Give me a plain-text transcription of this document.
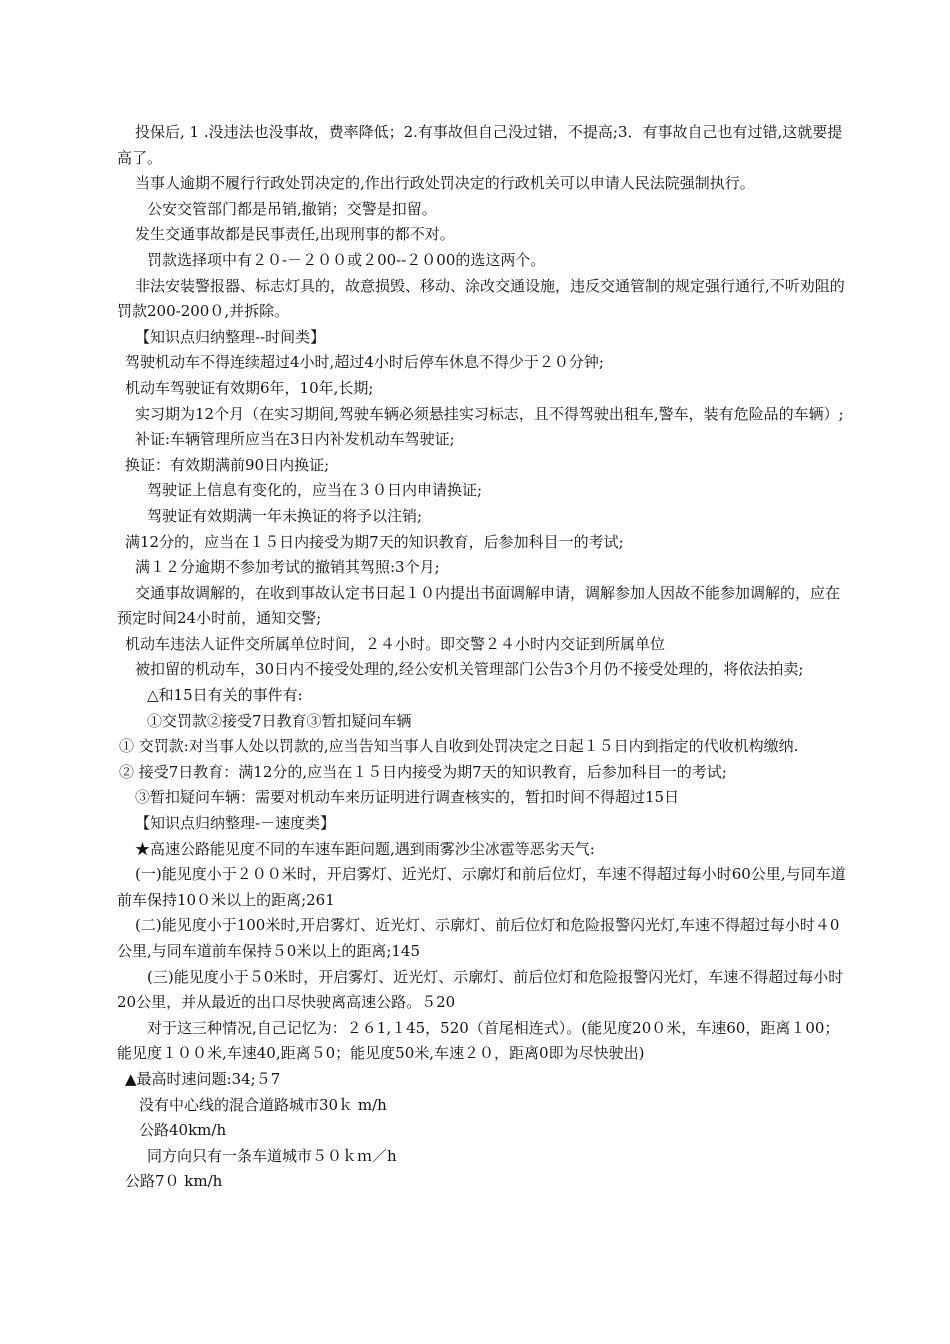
投保后, 1 .没违法也没事故，费率降低；2.有事故但自己没过错，不提高;3．有事故自己也有过错,这就要提高了。

当事人逾期不履行行政处罚决定的,作出行政处罚决定的行政机关可以申请人民法院强制执行。

公安交管部门都是吊销,撤销；交警是扣留。

发生交通事故都是民事责任,出现刑事的都不对。

罚款选择项中有２０-－２００或２00--２０00的选这两个。

非法安装警报器、标志灯具的，故意损毁、移动、涂改交通设施，违反交通管制的规定强行通行,不听劝阻的罚款200-200０,并拆除。

【知识点归纳整理--时间类】

驾驶机动车不得连续超过4小时,超过4小时后停车休息不得少于２０分钟;

机动车驾驶证有效期6年，10年,长期;

实习期为12个月（在实习期间,驾驶车辆必须悬挂实习标志，且不得驾驶出租车,警车，装有危险品的车辆）;

补证:车辆管理所应当在3日内补发机动车驾驶证;

换证：有效期满前90日内换证;

驾驶证上信息有变化的，应当在３０日内申请换证;

驾驶证有效期满一年未换证的将予以注销;

满12分的，应当在１５日内接受为期7天的知识教育，后参加科目一的考试;

满１２分逾期不参加考试的撤销其驾照:3个月;

交通事故调解的，在收到事故认定书日起１０内提出书面调解申请，调解参加人因故不能参加调解的，应在预定时间24小时前，通知交警;

机动车违法人证件交所属单位时间，２４小时。即交警２４小时内交证到所属单位

被扣留的机动车，30日内不接受处理的,经公安机关管理部门公告3个月仍不接受处理的，将依法拍卖;

△和15日有关的事件有:

①交罚款②接受7日教育③暂扣疑问车辆

① 交罚款:对当事人处以罚款的,应当告知当事人自收到处罚决定之日起１５日内到指定的代收机构缴纳.

② 接受7日教育：满12分的,应当在１５日内接受为期7天的知识教育，后参加科目一的考试;

③暂扣疑问车辆：需要对机动车来历证明进行调查核实的，暂扣时间不得超过15日

【知识点归纳整理-－速度类】

★高速公路能见度不同的车速车距问题,遇到雨雾沙尘冰雹等恶劣天气:

(一)能见度小于２００米时，开启雾灯、近光灯、示廓灯和前后位灯，车速不得超过每小时60公里,与同车道前车保持10０米以上的距离;261

(二)能见度小于100米时,开启雾灯、近光灯、示廓灯、前后位灯和危险报警闪光灯,车速不得超过每小时４0公里,与同车道前车保持５0米以上的距离;145

(三)能见度小于５0米时，开启雾灯、近光灯、示廓灯、前后位灯和危险报警闪光灯，车速不得超过每小时20公里，并从最近的出口尽快驶离高速公路。５20

对于这三种情况,自己记忆为：２６1,１45，520（首尾相连式）。(能见度20０米，车速60，距离１00；能见度１００米,车速40,距离５0；能见度50米,车速２０，距离0即为尽快驶出)

▲最高时速问题:34;５7

没有中心线的混合道路城市30ｋ m/h

公路40km/h

同方向只有一条车道城市５０ｋｍ／h

公路7０ km/h
